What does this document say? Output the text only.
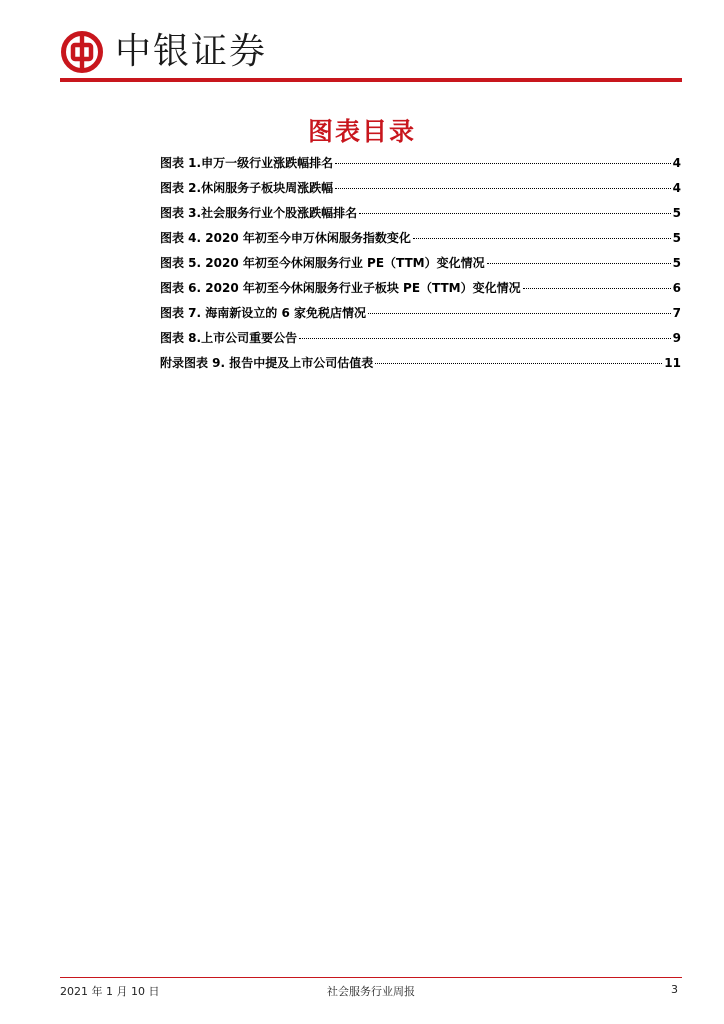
中银证券
图表目录
图表 1.申万一级行业涨跌幅排名	4
图表 2.休闲服务子板块周涨跌幅	4
图表 3.社会服务行业个股涨跌幅排名	5
图表 4. 2020 年初至今申万休闲服务指数变化	5
图表 5. 2020 年初至今休闲服务行业 PE（TTM）变化情况	5
图表 6. 2020 年初至今休闲服务行业子板块 PE（TTM）变化情况	6
图表 7. 海南新设立的 6 家免税店情况	7
图表 8.上市公司重要公告	9
附录图表 9. 报告中提及上市公司估值表	11
2021 年 1 月 10 日	社会服务行业周报	3
